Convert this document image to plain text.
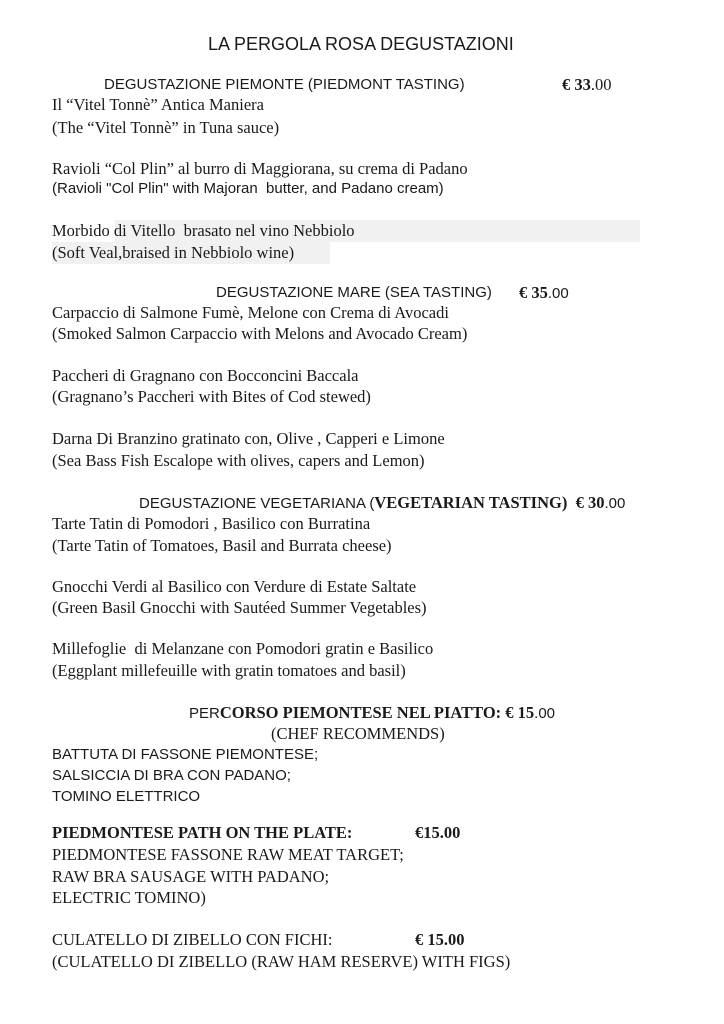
LA PERGOLA ROSA DEGUSTAZIONI
DEGUSTAZIONE PIEMONTE (PIEDMONT TASTING)	€ 33.00
Il “Vitel Tonnè” Antica Maniera
(The “Vitel Tonnè” in Tuna sauce)
Ravioli “Col Plin” al burro di Maggiorana, su crema di Padano
(Ravioli "Col Plin" with Majoran  butter, and Padano cream)
Morbido di Vitello  brasato nel vino Nebbiolo
(Soft Veal,braised in Nebbiolo wine)
DEGUSTAZIONE MARE (SEA TASTING) € 35.00
Carpaccio di Salmone Fumè, Melone con Crema di Avocadi
(Smoked Salmon Carpaccio with Melons and Avocado Cream)
Paccheri di Gragnano con Bocconcini Baccala
(Gragnano’s Paccheri with Bites of Cod stewed)
Darna Di Branzino gratinato con, Olive , Capperi e Limone
(Sea Bass Fish Escalope with olives, capers and Lemon)
DEGUSTAZIONE VEGETARIANA (VEGETARIAN TASTING) € 30.00
Tarte Tatin di Pomodori , Basilico con Burratina
(Tarte Tatin of Tomatoes, Basil and Burrata cheese)
Gnocchi Verdi al Basilico con Verdure di Estate Saltate
(Green Basil Gnocchi with Sautéed Summer Vegetables)
Millefoglie  di Melanzane con Pomodori gratin e Basilico
(Eggplant millefeuille with gratin tomatoes and basil)
PERCORSO PIEMONTESE NEL PIATTO: € 15.00
(CHEF RECOMMENDS)
BATTUTA DI FASSONE PIEMONTESE;
SALSICCIA DI BRA CON PADANO;
TOMINO ELETTRICO
PIEDMONTESE PATH ON THE PLATE:	€15.00
PIEDMONTESE FASSONE RAW MEAT TARGET;
RAW BRA SAUSAGE WITH PADANO;
ELECTRIC TOMINO)
CULATELLO DI ZIBELLO CON FICHI:	€ 15.00
(CULATELLO DI ZIBELLO (RAW HAM RESERVE) WITH FIGS)
